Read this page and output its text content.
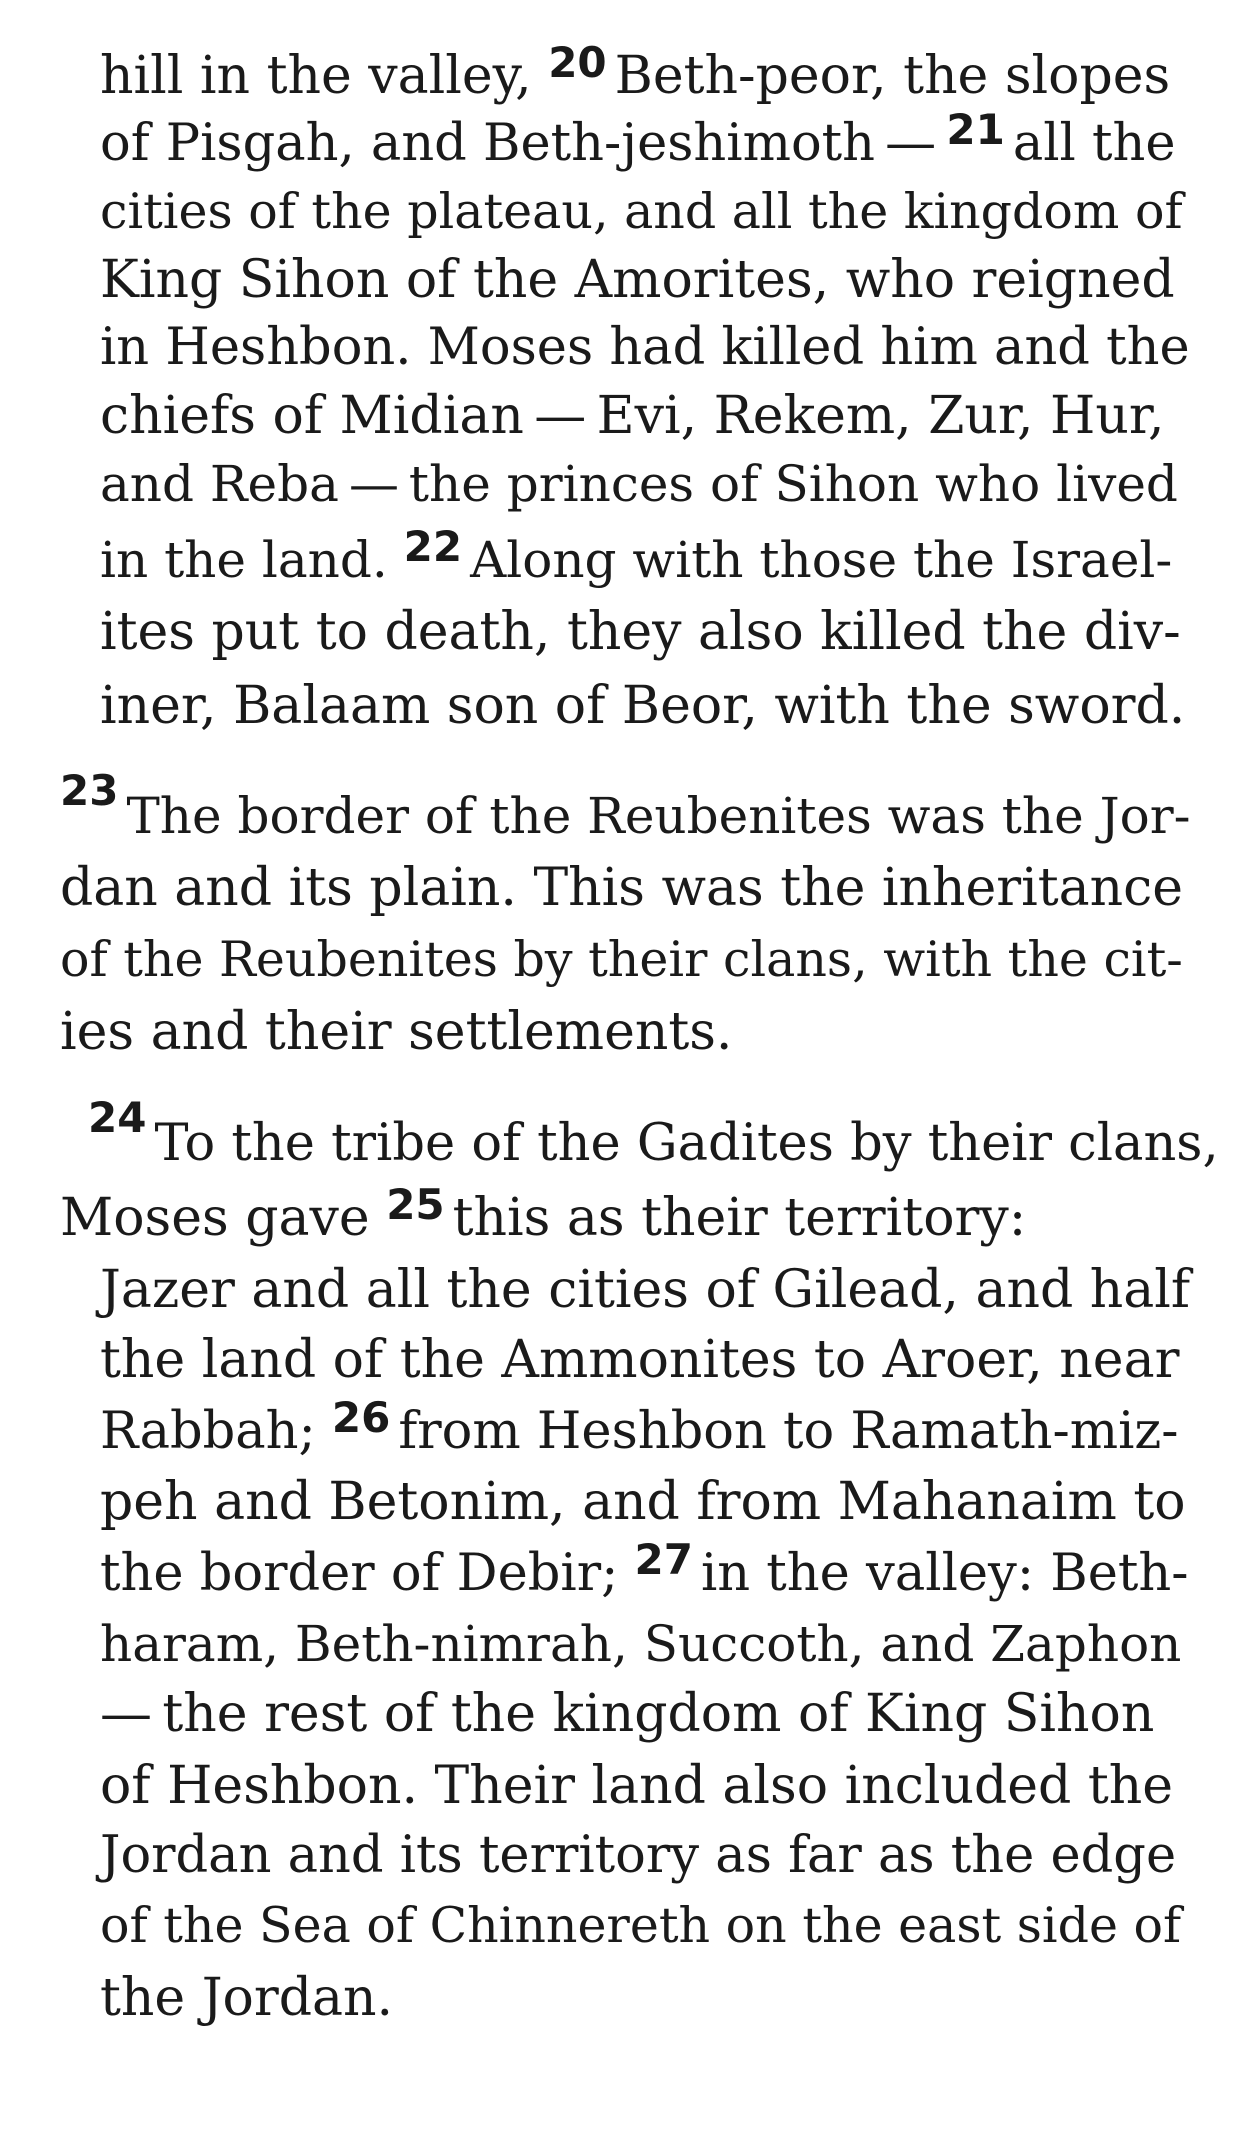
hill in the valley, $^{20}$ Beth-peor, the slopes
of Pisgah, and Beth-jeshimoth — $^{21}$ all the
cities of the plateau, and all the kingdom of
King Sihon of the Amorites, who reigned
in Heshbon. Moses had killed him and the
chiefs of Midian — Evi, Rekem, Zur, Hur,
and Reba — the princes of Sihon who lived
in the land. $^{22}$ Along with those the Israel-
ites put to death, they also killed the div-
iner, Balaam son of Beor, with the sword.
$^{23}$ The border of the Reubenites was the Jor-
dan and its plain. This was the inheritance
of the Reubenites by their clans, with the cit-
ies and their settlements.
$^{24}$ To the tribe of the Gadites by their clans,
Moses gave $^{25}$ this as their territory:
Jazer and all the cities of Gilead, and half
the land of the Ammonites to Aroer, near
Rabbah; $^{26}$ from Heshbon to Ramath-miz-
peh and Betonim, and from Mahanaim to
the border of Debir; $^{27}$ in the valley: Beth-
haram, Beth-nimrah, Succoth, and Zaphon
— the rest of the kingdom of King Sihon
of Heshbon. Their land also included the
Jordan and its territory as far as the edge
of the Sea of Chinnereth on the east side of
the Jordan.
